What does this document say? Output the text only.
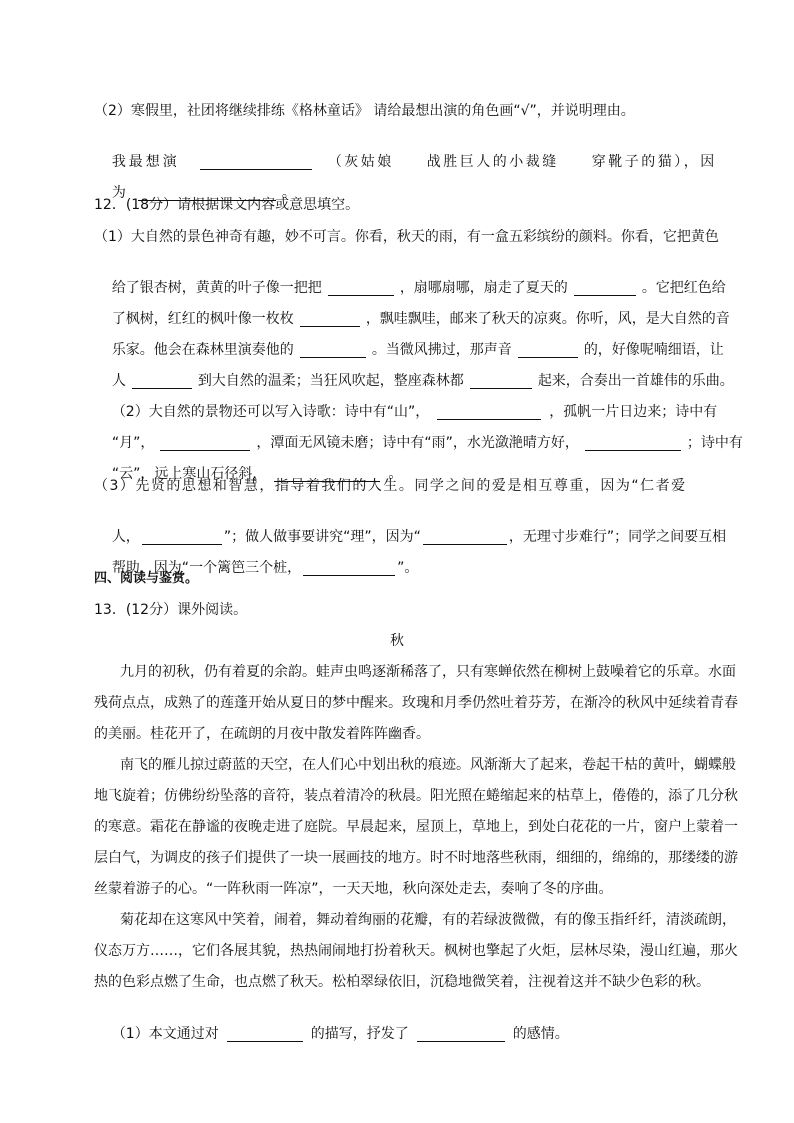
（2）寒假里，社团将继续排练《格林童话》 请给最想出演的角色画“√”，并说明理由。

我最想演	（灰姑娘　　战胜巨人的小裁缝　　穿靴子的猫），因

为	。

12．(18分）请根据课文内容或意思填空。
（1）大自然的景色神奇有趣，妙不可言。你看，秋天的雨，有一盒五彩缤纷的颜料。你看，它把黄色

给了银杏树，黄黄的叶子像一把把	，扇哪扇哪，扇走了夏天的	。它把红色给

了枫树，红红的枫叶像一枚枚	，飘哇飘哇，邮来了秋天的凉爽。你听，风，是大自然的音

乐家。他会在森林里演奏他的	。当微风拂过，那声音	的，好像呢喃细语，让

人	到大自然的温柔；当狂风吹起，整座森林都	起来，合奏出一首雄伟的乐曲。

（2）大自然的景物还可以写入诗歌：诗中有“山”，	，孤帆一片日边来；诗中有

“月”，	，潭面无风镜未磨；诗中有“雨”，水光潋滟晴方好，	；诗中有

“云”，远上寒山石径斜，	。

（3）先贤的思想和智慧，指导着我们的人生。同学之间的爱是相互尊重，因为“仁者爱

人，	”；做人做事要讲究“理”，因为“	，无理寸步难行”；同学之间要互相

帮助，因为“一个篱笆三个桩，	”。

四、阅读与鉴赏。
13．(12分）课外阅读。
秋
九月的初秋，仍有着夏的余韵。蛙声虫鸣逐渐稀落了，只有寒蝉依然在柳树上鼓噪着它的乐章。水面
残荷点点，成熟了的莲蓬开始从夏日的梦中醒来。玫瑰和月季仍然吐着芬芳，在渐冷的秋风中延续着青春
的美丽。桂花开了，在疏朗的月夜中散发着阵阵幽香。
南飞的雁儿掠过蔚蓝的天空，在人们心中划出秋的痕迹。风渐渐大了起来，卷起干枯的黄叶，蝴蝶般
地飞旋着；仿佛纷纷坠落的音符，装点着清冷的秋晨。阳光照在蜷缩起来的枯草上，倦倦的，添了几分秋
的寒意。霜花在静谧的夜晚走进了庭院。早晨起来，屋顶上，草地上，到处白花花的一片，窗户上蒙着一
层白气，为调皮的孩子们提供了一块一展画技的地方。时不时地落些秋雨，细细的，绵绵的，那缕缕的游
丝蒙着游子的心。“一阵秋雨一阵凉”，一天天地，秋向深处走去，奏响了冬的序曲。
菊花却在这寒风中笑着，闹着，舞动着绚丽的花瓣，有的若绿波微微，有的像玉指纤纤，清淡疏朗，
仪态万方……，它们各展其貌，热热闹闹地打扮着秋天。枫树也擎起了火炬，层林尽染，漫山红遍，那火
热的色彩点燃了生命，也点燃了秋天。松柏翠绿依旧，沉稳地微笑着，注视着这并不缺少色彩的秋。

（1）本文通过对	的描写，抒发了	的感情。
